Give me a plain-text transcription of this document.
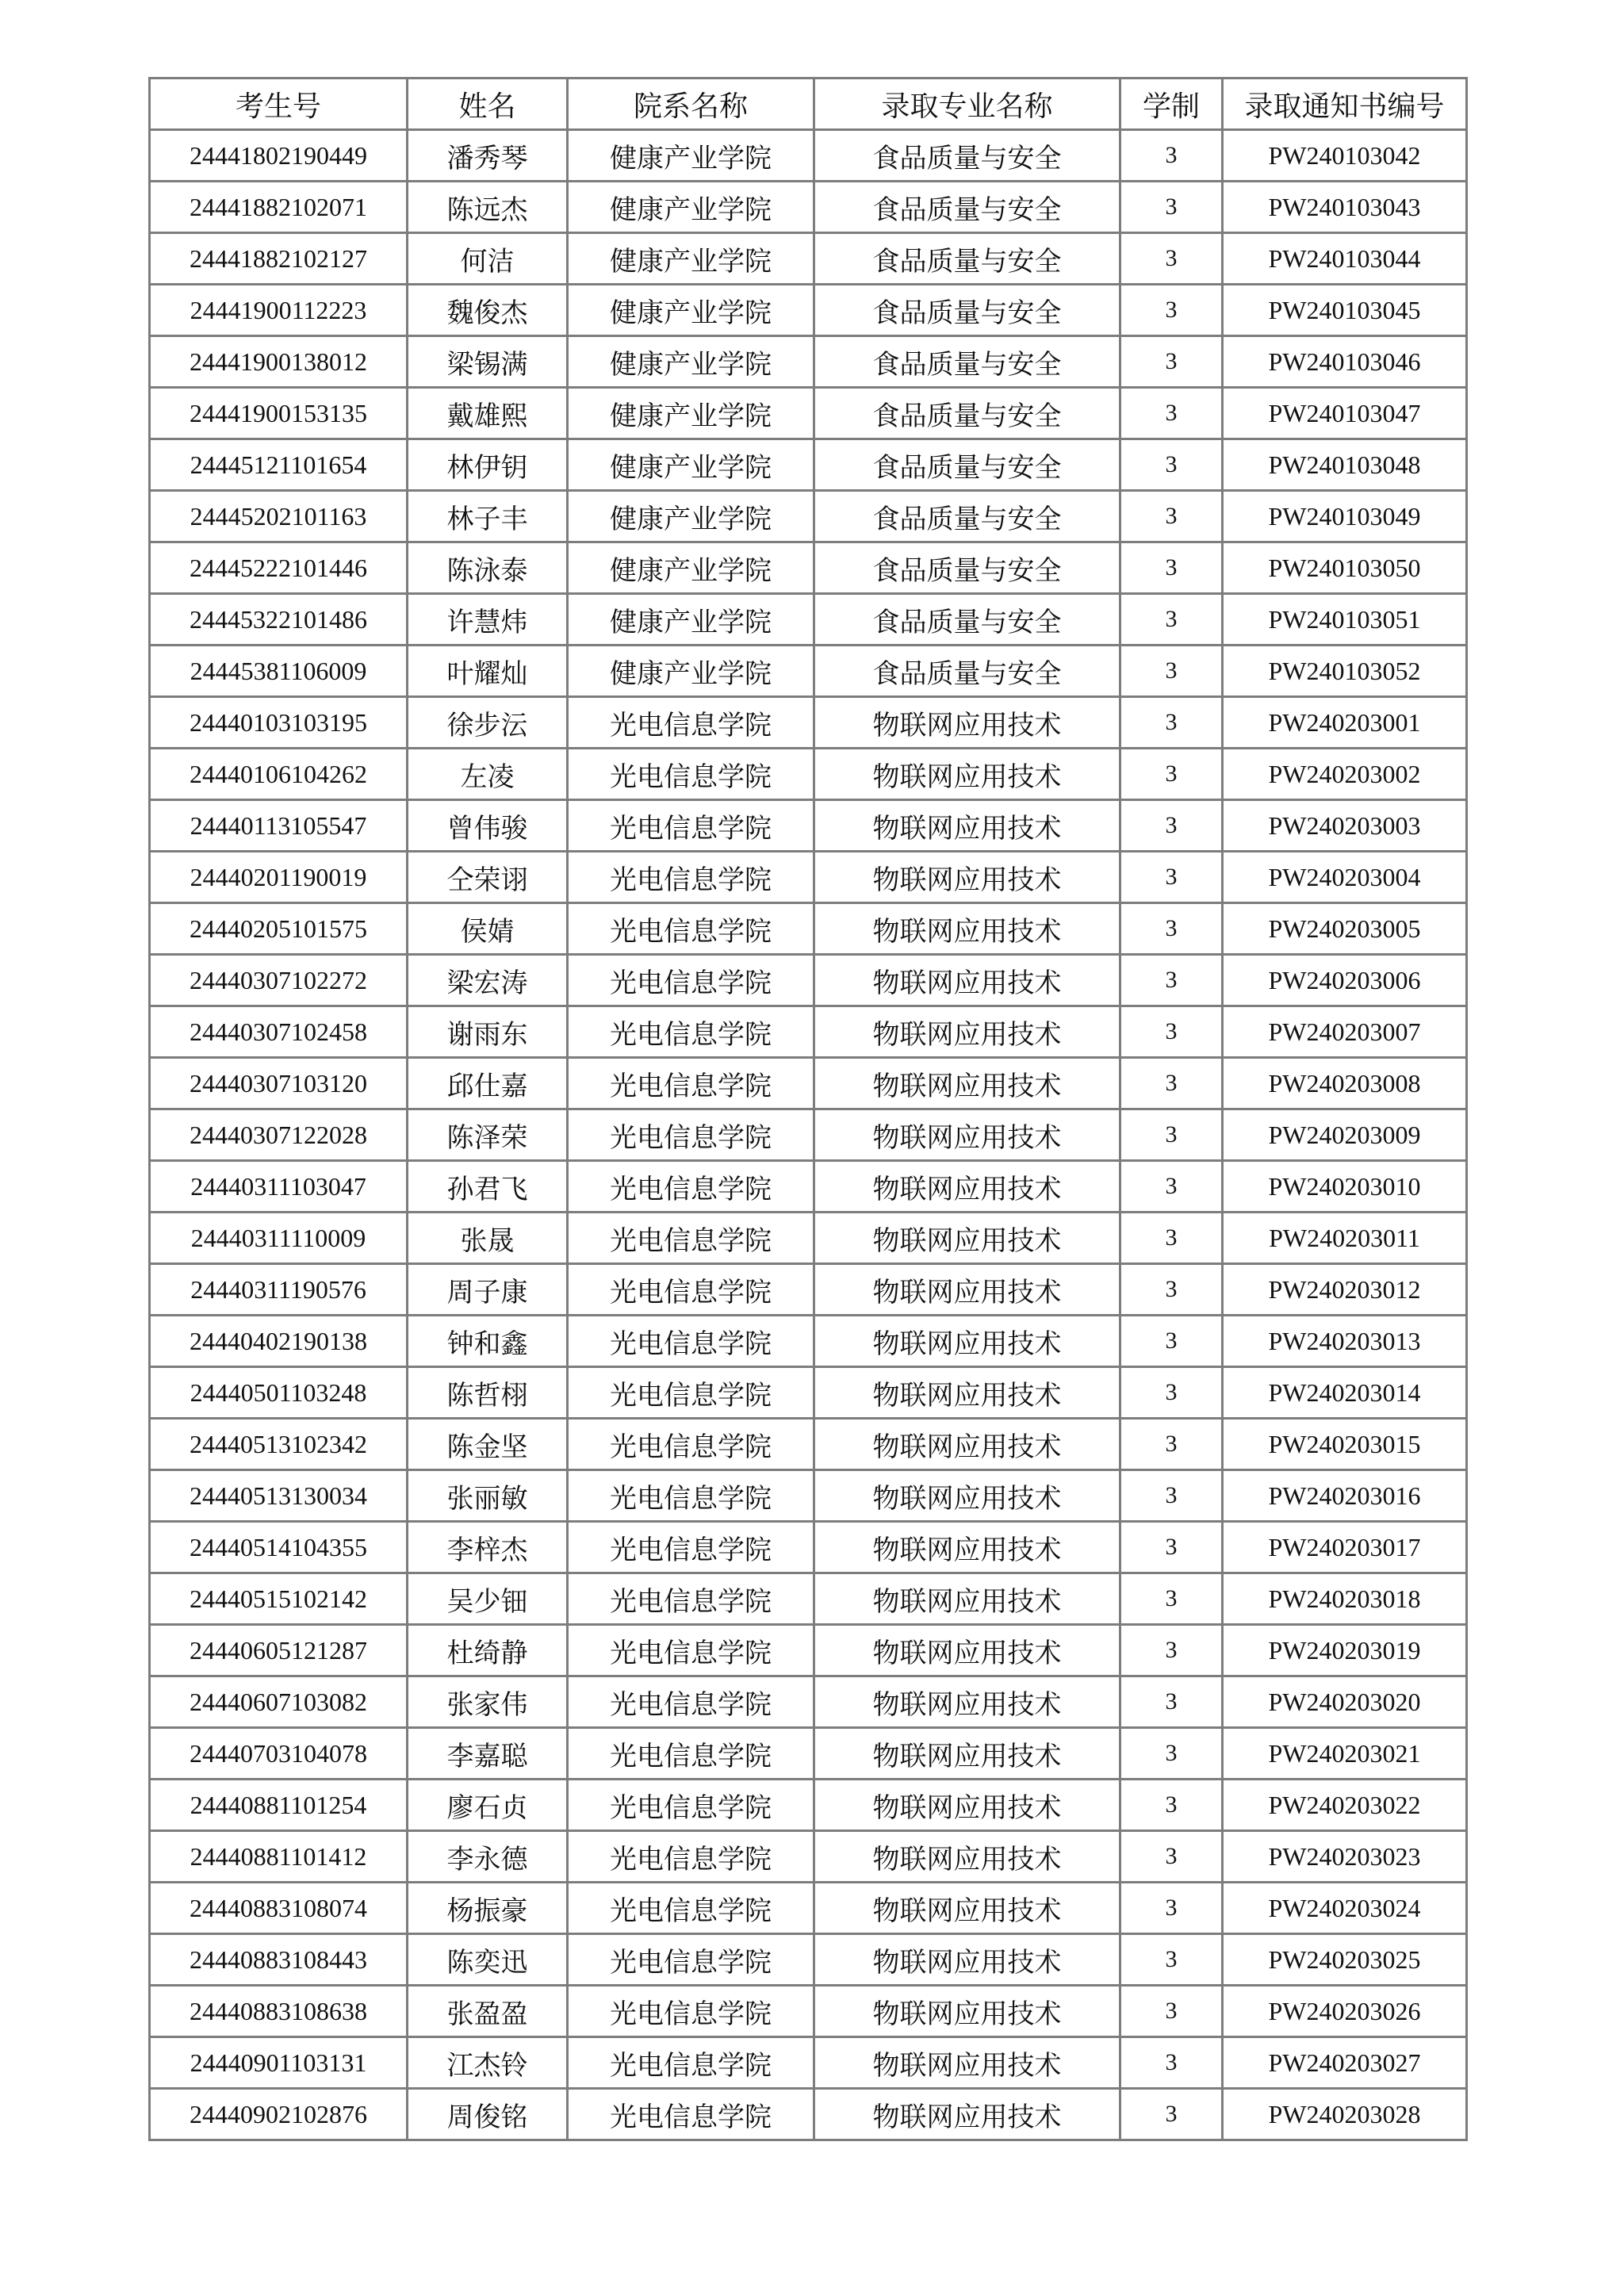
考生号	姓名	院系名称	录取专业名称	学制	录取通知书编号
24441802190449	潘秀琴	健康产业学院	食品质量与安全	3	PW240103042
24441882102071	陈远杰	健康产业学院	食品质量与安全	3	PW240103043
24441882102127	何洁	健康产业学院	食品质量与安全	3	PW240103044
24441900112223	魏俊杰	健康产业学院	食品质量与安全	3	PW240103045
24441900138012	梁锡满	健康产业学院	食品质量与安全	3	PW240103046
24441900153135	戴雄熙	健康产业学院	食品质量与安全	3	PW240103047
24445121101654	林伊钥	健康产业学院	食品质量与安全	3	PW240103048
24445202101163	林子丰	健康产业学院	食品质量与安全	3	PW240103049
24445222101446	陈泳泰	健康产业学院	食品质量与安全	3	PW240103050
24445322101486	许慧炜	健康产业学院	食品质量与安全	3	PW240103051
24445381106009	叶耀灿	健康产业学院	食品质量与安全	3	PW240103052
24440103103195	徐步沄	光电信息学院	物联网应用技术	3	PW240203001
24440106104262	左凌	光电信息学院	物联网应用技术	3	PW240203002
24440113105547	曾伟骏	光电信息学院	物联网应用技术	3	PW240203003
24440201190019	仝荣诩	光电信息学院	物联网应用技术	3	PW240203004
24440205101575	侯婧	光电信息学院	物联网应用技术	3	PW240203005
24440307102272	梁宏涛	光电信息学院	物联网应用技术	3	PW240203006
24440307102458	谢雨东	光电信息学院	物联网应用技术	3	PW240203007
24440307103120	邱仕嘉	光电信息学院	物联网应用技术	3	PW240203008
24440307122028	陈泽荣	光电信息学院	物联网应用技术	3	PW240203009
24440311103047	孙君飞	光电信息学院	物联网应用技术	3	PW240203010
24440311110009	张晟	光电信息学院	物联网应用技术	3	PW240203011
24440311190576	周子康	光电信息学院	物联网应用技术	3	PW240203012
24440402190138	钟和鑫	光电信息学院	物联网应用技术	3	PW240203013
24440501103248	陈哲栩	光电信息学院	物联网应用技术	3	PW240203014
24440513102342	陈金坚	光电信息学院	物联网应用技术	3	PW240203015
24440513130034	张丽敏	光电信息学院	物联网应用技术	3	PW240203016
24440514104355	李梓杰	光电信息学院	物联网应用技术	3	PW240203017
24440515102142	吴少钿	光电信息学院	物联网应用技术	3	PW240203018
24440605121287	杜绮静	光电信息学院	物联网应用技术	3	PW240203019
24440607103082	张家伟	光电信息学院	物联网应用技术	3	PW240203020
24440703104078	李嘉聪	光电信息学院	物联网应用技术	3	PW240203021
24440881101254	廖石贞	光电信息学院	物联网应用技术	3	PW240203022
24440881101412	李永德	光电信息学院	物联网应用技术	3	PW240203023
24440883108074	杨振豪	光电信息学院	物联网应用技术	3	PW240203024
24440883108443	陈奕迅	光电信息学院	物联网应用技术	3	PW240203025
24440883108638	张盈盈	光电信息学院	物联网应用技术	3	PW240203026
24440901103131	江杰铃	光电信息学院	物联网应用技术	3	PW240203027
24440902102876	周俊铭	光电信息学院	物联网应用技术	3	PW240203028
